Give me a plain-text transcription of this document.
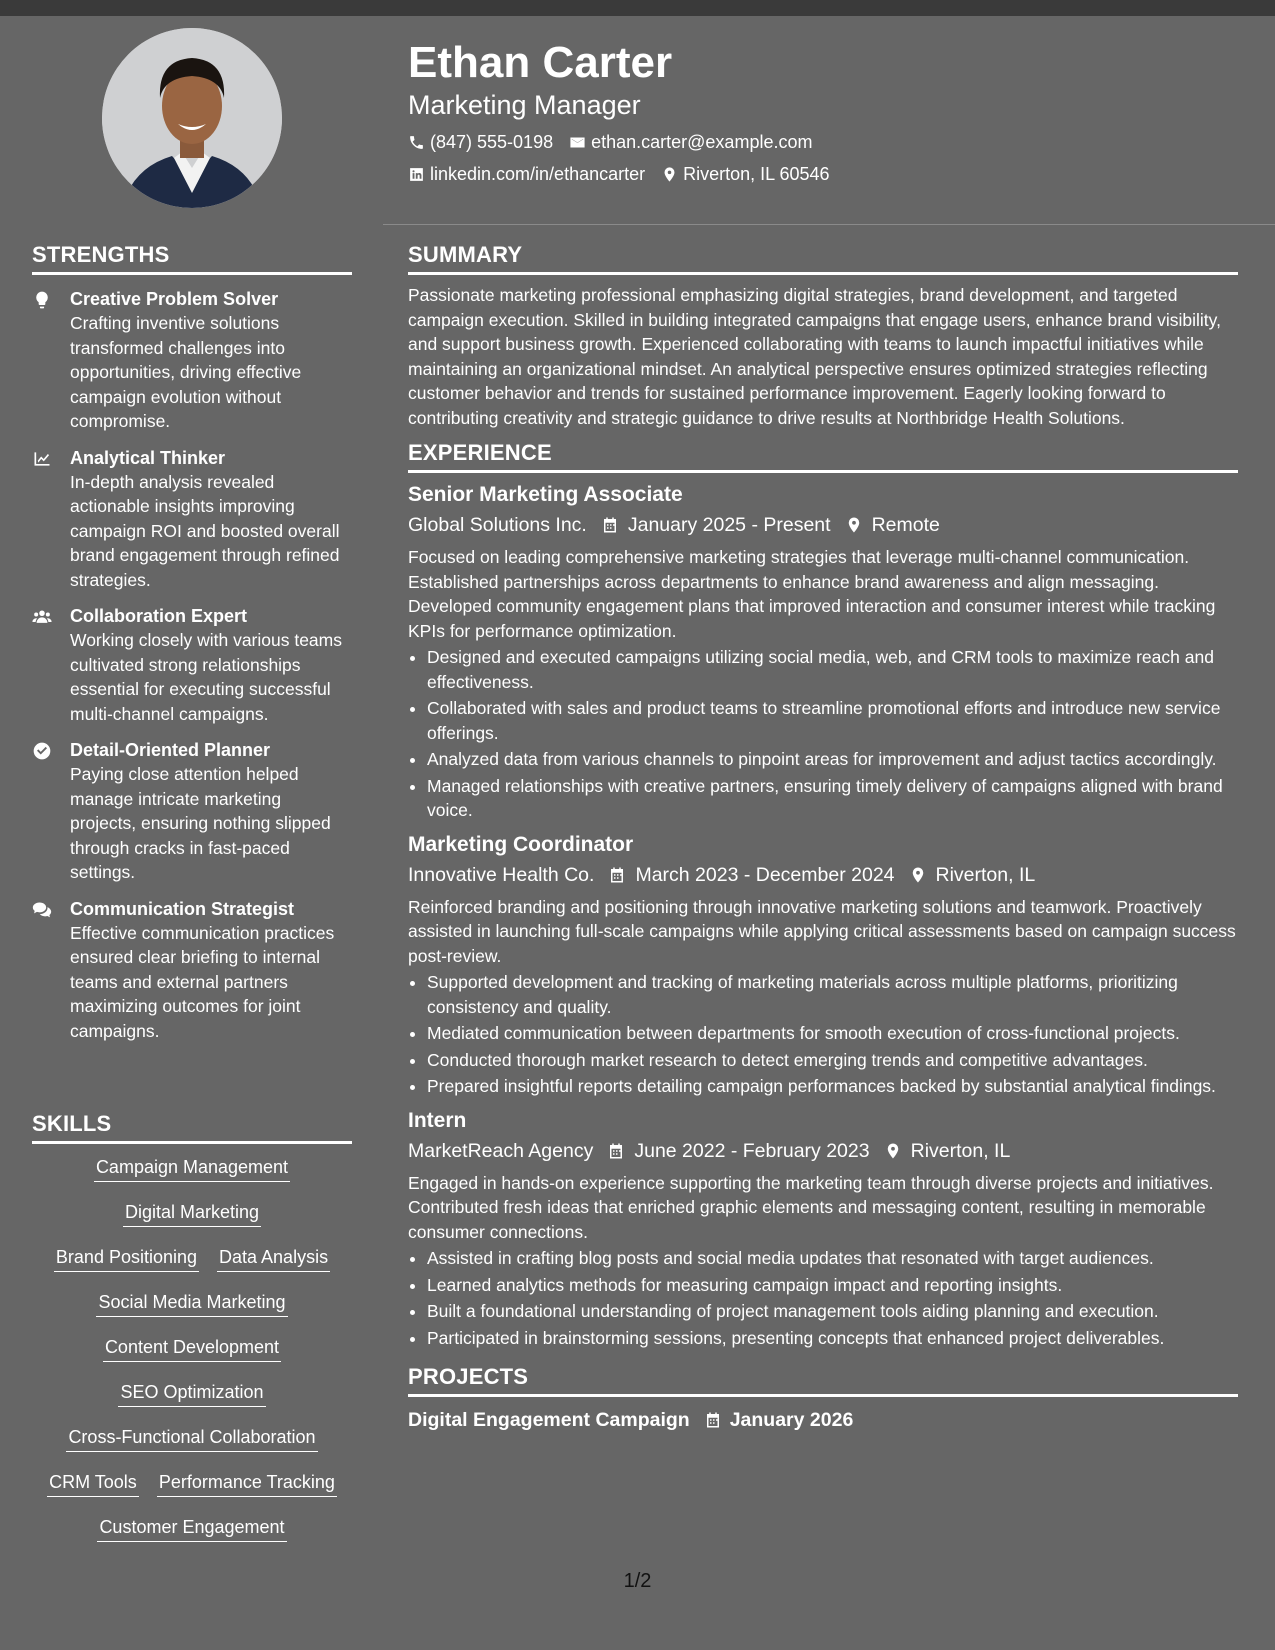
STRENGTHS
Creative Problem Solver
Crafting inventive solutions transformed challenges into opportunities, driving effective campaign evolution without compromise.
Analytical Thinker
In-depth analysis revealed actionable insights improving campaign ROI and boosted overall brand engagement through refined strategies.
Collaboration Expert
Working closely with various teams cultivated strong relationships essential for executing successful multi-channel campaigns.
Detail-Oriented Planner
Paying close attention helped manage intricate marketing projects, ensuring nothing slipped through cracks in fast-paced settings.
Communication Strategist
Effective communication practices ensured clear briefing to internal teams and external partners maximizing outcomes for joint campaigns.
SKILLS
Campaign Management
Digital Marketing
Brand Positioning Data Analysis
Social Media Marketing
Content Development
SEO Optimization
Cross-Functional Collaboration
CRM Tools Performance Tracking
Customer Engagement
Ethan Carter
Marketing Manager
(847) 555-0198 ethan.carter@example.com
linkedin.com/in/ethancarter Riverton, IL 60546
SUMMARY

Passionate marketing professional emphasizing digital strategies, brand development, and targeted campaign execution. Skilled in building integrated campaigns that engage users, enhance brand visibility, and support business growth. Experienced collaborating with teams to launch impactful initiatives while maintaining an organizational mindset. An analytical perspective ensures optimized strategies reflecting customer behavior and trends for sustained performance improvement. Eagerly looking forward to contributing creativity and strategic guidance to drive results at Northbridge Health Solutions.

EXPERIENCE
Senior Marketing Associate
Global Solutions Inc. January 2025 - Present Remote
Focused on leading comprehensive marketing strategies that leverage multi-channel communication. Established partnerships across departments to enhance brand awareness and align messaging. Developed community engagement plans that improved interaction and consumer interest while tracking KPIs for performance optimization.
• Designed and executed campaigns utilizing social media, web, and CRM tools to maximize reach and effectiveness.
• Collaborated with sales and product teams to streamline promotional efforts and introduce new service offerings.
• Analyzed data from various channels to pinpoint areas for improvement and adjust tactics accordingly.
• Managed relationships with creative partners, ensuring timely delivery of campaigns aligned with brand voice.
Marketing Coordinator
Innovative Health Co. March 2023 - December 2024 Riverton, IL
Reinforced branding and positioning through innovative marketing solutions and teamwork. Proactively assisted in launching full-scale campaigns while applying critical assessments based on campaign success post-review.
• Supported development and tracking of marketing materials across multiple platforms, prioritizing consistency and quality.
• Mediated communication between departments for smooth execution of cross-functional projects.
• Conducted thorough market research to detect emerging trends and competitive advantages.
• Prepared insightful reports detailing campaign performances backed by substantial analytical findings.
Intern
MarketReach Agency June 2022 - February 2023 Riverton, IL
Engaged in hands-on experience supporting the marketing team through diverse projects and initiatives. Contributed fresh ideas that enriched graphic elements and messaging content, resulting in memorable consumer connections.
• Assisted in crafting blog posts and social media updates that resonated with target audiences.
• Learned analytics methods for measuring campaign impact and reporting insights.
• Built a foundational understanding of project management tools aiding planning and execution.
• Participated in brainstorming sessions, presenting concepts that enhanced project deliverables.
PROJECTS
Digital Engagement Campaign January 2026
1/2
